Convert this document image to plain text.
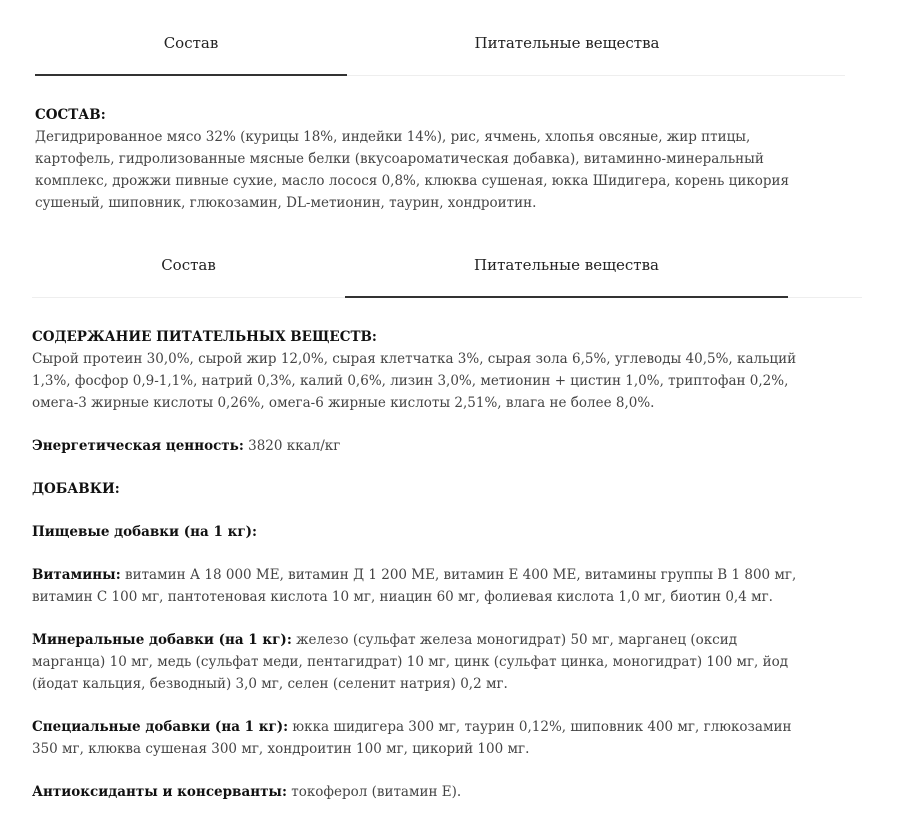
Состав	Питательные вещества
СОСТАВ:
Дегидрированное мясо 32% (курицы 18%, индейки 14%), рис, ячмень, хлопья овсяные, жир птицы, картофель, гидролизованные мясные белки (вкусоароматическая добавка), витаминно-минеральный комплекс, дрожжи пивные сухие, масло лосося 0,8%, клюква сушеная, юкка Шидигера, корень цикория сушеный, шиповник, глюкозамин, DL-метионин, таурин, хондроитин.
Состав	Питательные вещества

СОДЕРЖАНИЕ ПИТАТЕЛЬНЫХ ВЕЩЕСТВ:
Сырой протеин 30,0%, сырой жир 12,0%, сырая клетчатка 3%, сырая зола 6,5%, углеводы 40,5%, кальций 1,3%, фосфор 0,9-1,1%, натрий 0,3%, калий 0,6%, лизин 3,0%, метионин + цистин 1,0%, триптофан 0,2%, омега-3 жирные кислоты 0,26%, омега-6 жирные кислоты 2,51%, влага не более 8,0%.

Энергетическая ценность: 3820 ккал/кг

ДОБАВКИ:

Пищевые добавки (на 1 кг):

Витамины: витамин А 18 000 МЕ, витамин Д 1 200 МЕ, витамин Е 400 МЕ, витамины группы В 1 800 мг, витамин С 100 мг, пантотеновая кислота 10 мг, ниацин 60 мг, фолиевая кислота 1,0 мг, биотин 0,4 мг.

Минеральные добавки (на 1 кг): железо (сульфат железа моногидрат) 50 мг, марганец (оксид марганца) 10 мг, медь (сульфат меди, пентагидрат) 10 мг, цинк (сульфат цинка, моногидрат) 100 мг, йод (йодат кальция, безводный) 3,0 мг, селен (селенит натрия) 0,2 мг.

Специальные добавки (на 1 кг): юкка шидигера 300 мг, таурин 0,12%, шиповник 400 мг, глюкозамин 350 мг, клюква сушеная 300 мг, хондроитин 100 мг, цикорий 100 мг.

Антиоксиданты и консерванты: токоферол (витамин Е).
